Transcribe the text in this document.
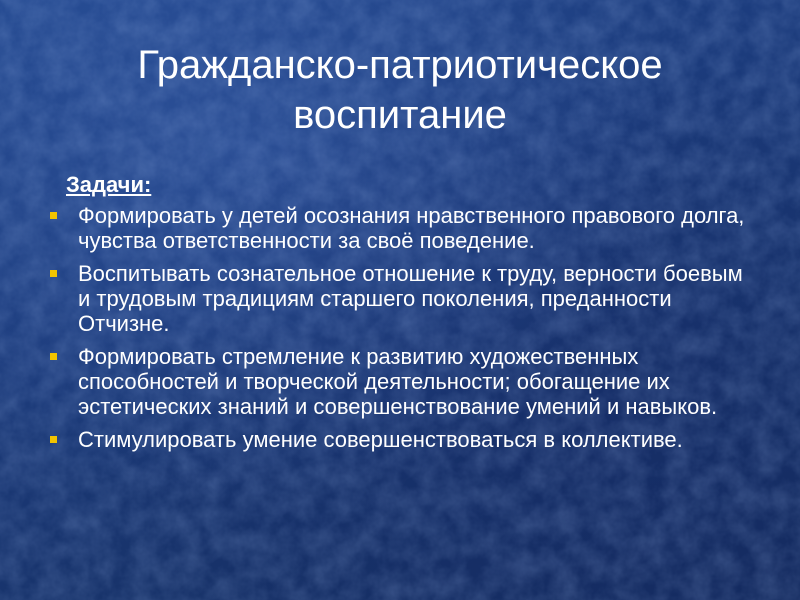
Гражданско-патриотическое воспитание
Задачи:
Формировать у детей осознания нравственного правового долга, чувства ответственности за своё поведение.
Воспитывать сознательное отношение к труду, верности боевым и трудовым традициям старшего поколения, преданности Отчизне.
Формировать стремление к развитию художественных способностей и творческой деятельности; обогащение их эстетических знаний и совершенствование умений и навыков.
Стимулировать умение совершенствоваться в коллективе.
